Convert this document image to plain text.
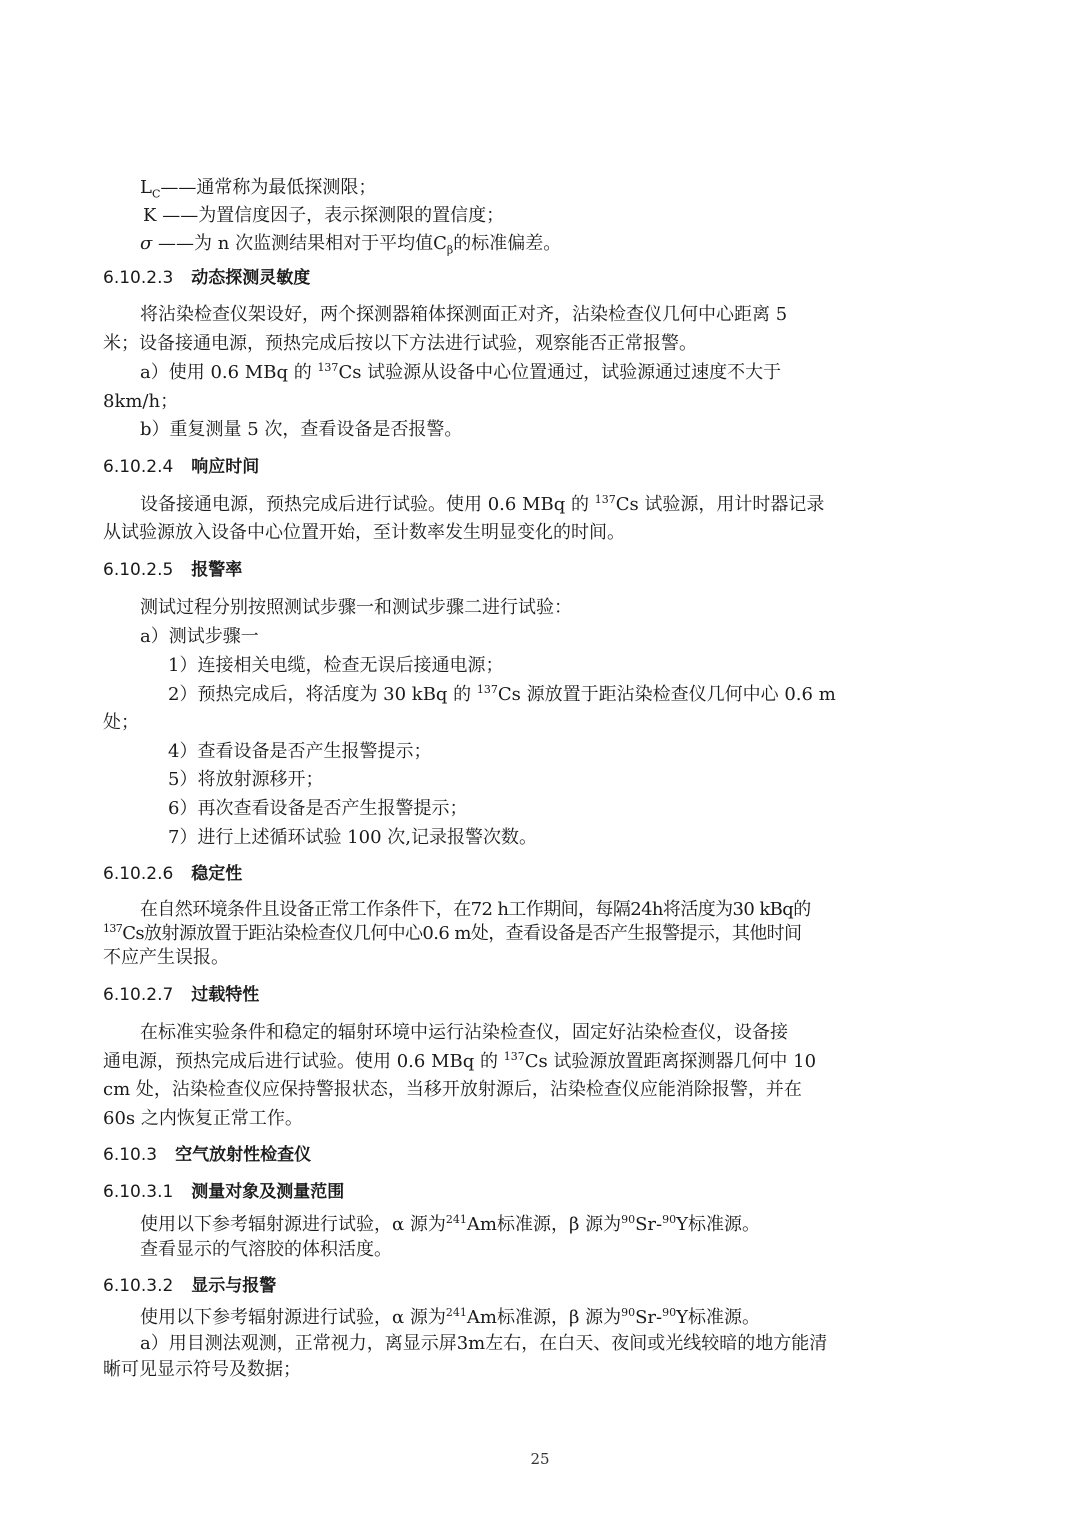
$L_C——$通常称为最低探测限；
K ——为置信度因子，表示探测限的置信度；
σ ——为 n 次监测结果相对于平均值$C_\beta$的标准偏差。
6.10.2.3 动态探测灵敏度
将沾染检查仪架设好，两个探测器箱体探测面正对齐，沾染检查仪几何中心距离 5
米；设备接通电源，预热完成后按以下方法进行试验，观察能否正常报警。
a）使用 0.6 MBq 的 $^{137}$Cs 试验源从设备中心位置通过，试验源通过速度不大于
8km/h；
b）重复测量 5 次，查看设备是否报警。
6.10.2.4 响应时间
设备接通电源，预热完成后进行试验。使用 0.6 MBq 的 $^{137}$Cs 试验源，用计时器记录
从试验源放入设备中心位置开始，至计数率发生明显变化的时间。
6.10.2.5 报警率
测试过程分别按照测试步骤一和测试步骤二进行试验：
a）测试步骤一
1）连接相关电缆，检查无误后接通电源；
2）预热完成后，将活度为 30 kBq 的 $^{137}$Cs 源放置于距沾染检查仪几何中心 0.6 m
处；
4）查看设备是否产生报警提示；
5）将放射源移开；
6）再次查看设备是否产生报警提示；
7）进行上述循环试验 100 次,记录报警次数。
6.10.2.6 稳定性
在自然环境条件且设备正常工作条件下，在72 h工作期间，每隔24h将活度为30 kBq的
$^{137}$Cs放射源放置于距沾染检查仪几何中心0.6 m处，查看设备是否产生报警提示，其他时间
不应产生误报。
6.10.2.7 过载特性
在标准实验条件和稳定的辐射环境中运行沾染检查仪，固定好沾染检查仪，设备接
通电源，预热完成后进行试验。使用 0.6 MBq 的 $^{137}$Cs 试验源放置距离探测器几何中 10
cm 处，沾染检查仪应保持警报状态，当移开放射源后，沾染检查仪应能消除报警，并在
60s 之内恢复正常工作。
6.10.3 空气放射性检查仪
6.10.3.1 测量对象及测量范围
使用以下参考辐射源进行试验，α 源为$^{241}$Am标准源，β 源为$^{90}$Sr-$^{90}$Y标准源。
查看显示的气溶胶的体积活度。
6.10.3.2 显示与报警
使用以下参考辐射源进行试验，α 源为$^{241}$Am标准源，β 源为$^{90}$Sr-$^{90}$Y标准源。
a）用目测法观测，正常视力，离显示屏3m左右，在白天、夜间或光线较暗的地方能清
晰可见显示符号及数据；
25
